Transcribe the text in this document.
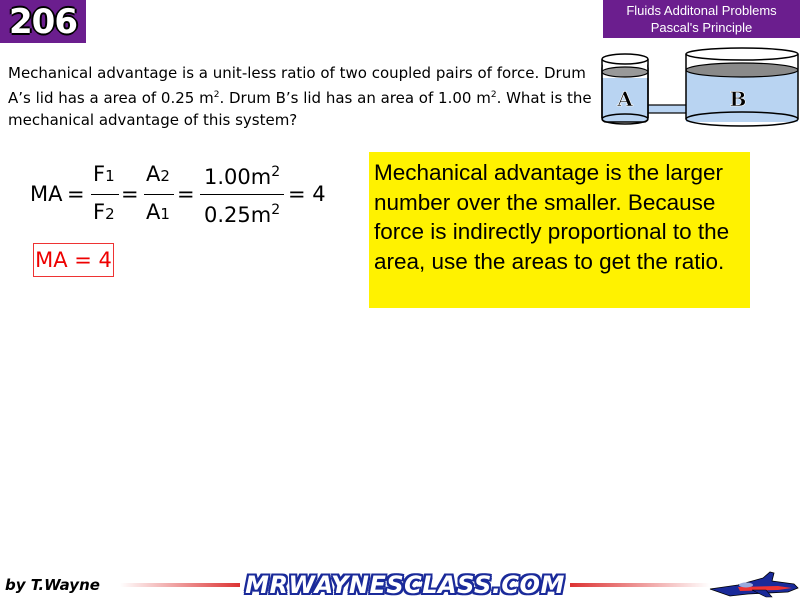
206	Fluids Additonal Problems
Pascal's Principle
Mechanical advantage is a unit-less ratio of two coupled pairs of force. Drum A’s lid has a area of 0.25 $m^2$. Drum B’s lid has an area of 1.00 $m^2$. What is the mechanical advantage of this system?
A	B
MA =
F1
F2
=
A2
A1
=
$1.00m^2$
$0.25m^2$
= 4
MA = 4
Mechanical advantage is the larger number over the smaller. Because force is indirectly proportional to the area, use the areas to get the ratio.
by T.Wayne	MRWAYNESCLASS.COM
